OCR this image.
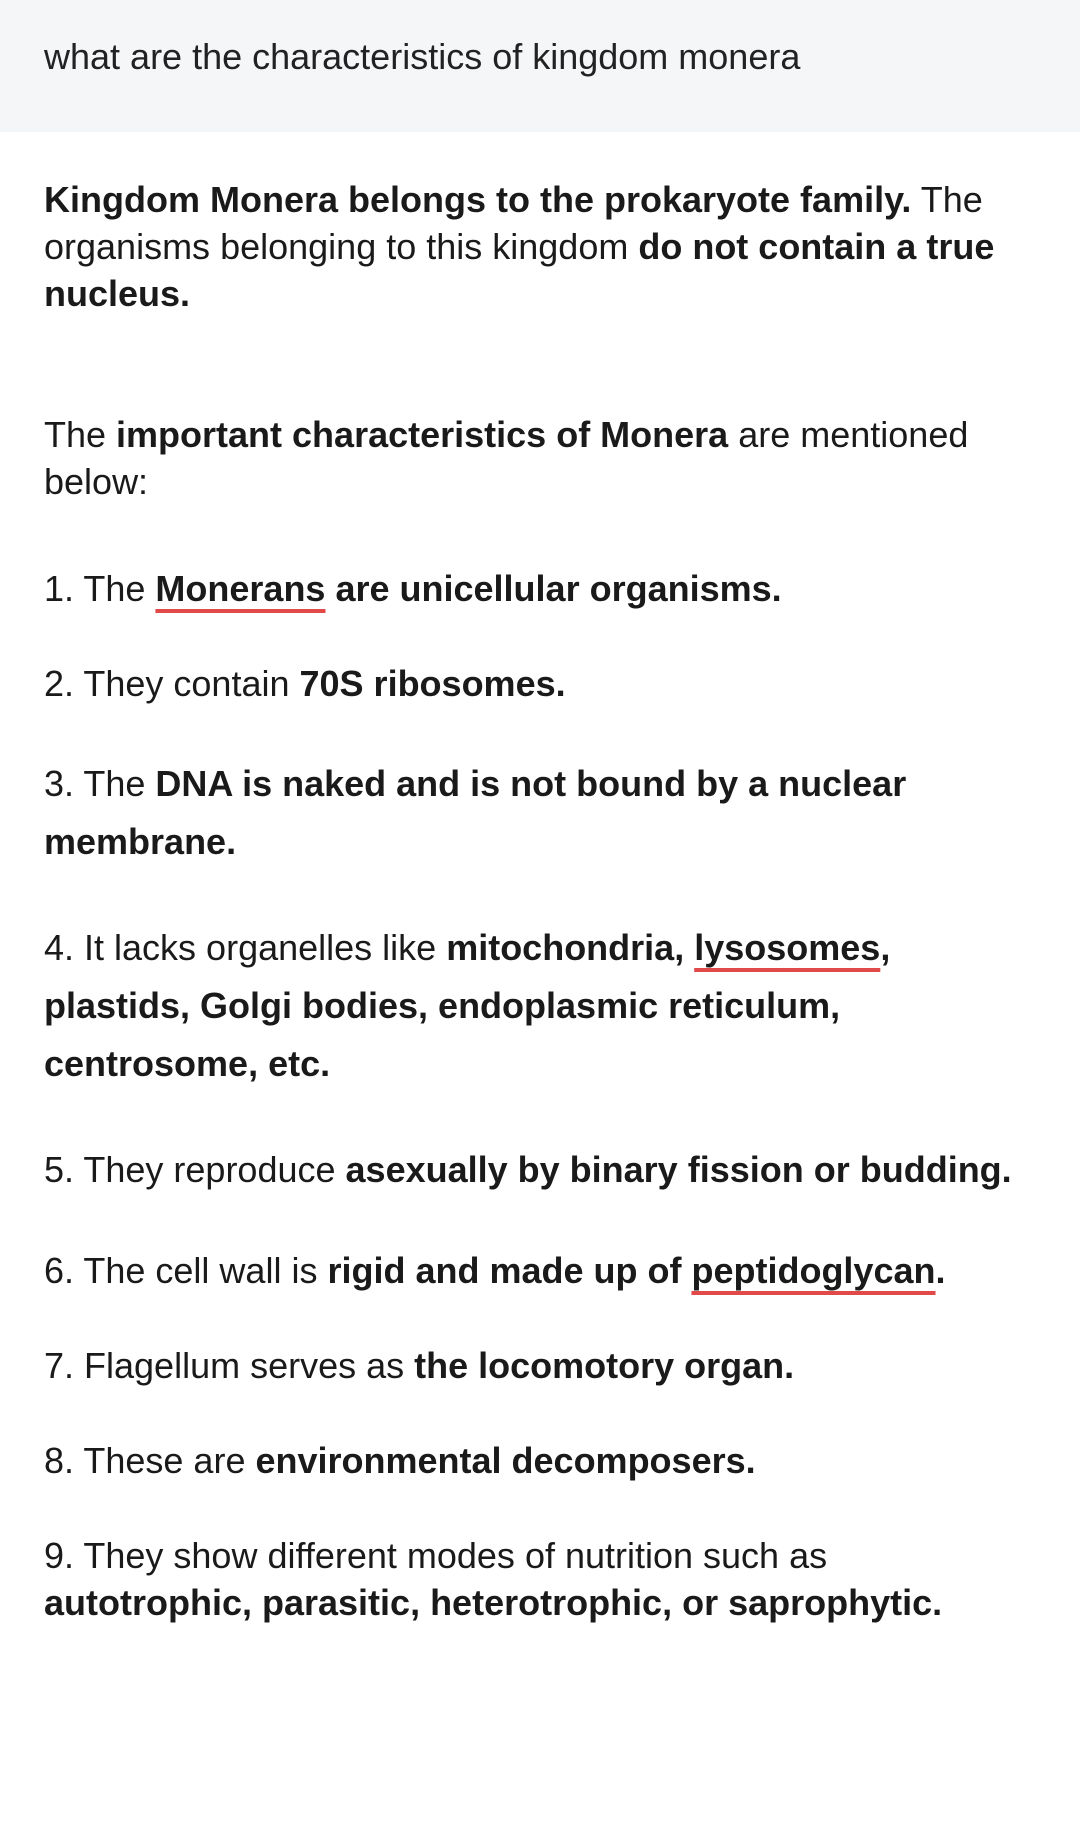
what are the characteristics of kingdom monera

Kingdom Monera belongs to the prokaryote family. The organisms belonging to this kingdom do not contain a true nucleus.

The important characteristics of Monera are mentioned below:

1. The Monerans are unicellular organisms.

2. They contain 70S ribosomes.

3. The DNA is naked and is not bound by a nuclear membrane.

4. It lacks organelles like mitochondria, lysosomes, plastids, Golgi bodies, endoplasmic reticulum, centrosome, etc.

5. They reproduce asexually by binary fission or budding.

6. The cell wall is rigid and made up of peptidoglycan.

7. Flagellum serves as the locomotory organ.

8. These are environmental decomposers.

9. They show different modes of nutrition such as autotrophic, parasitic, heterotrophic, or saprophytic.
